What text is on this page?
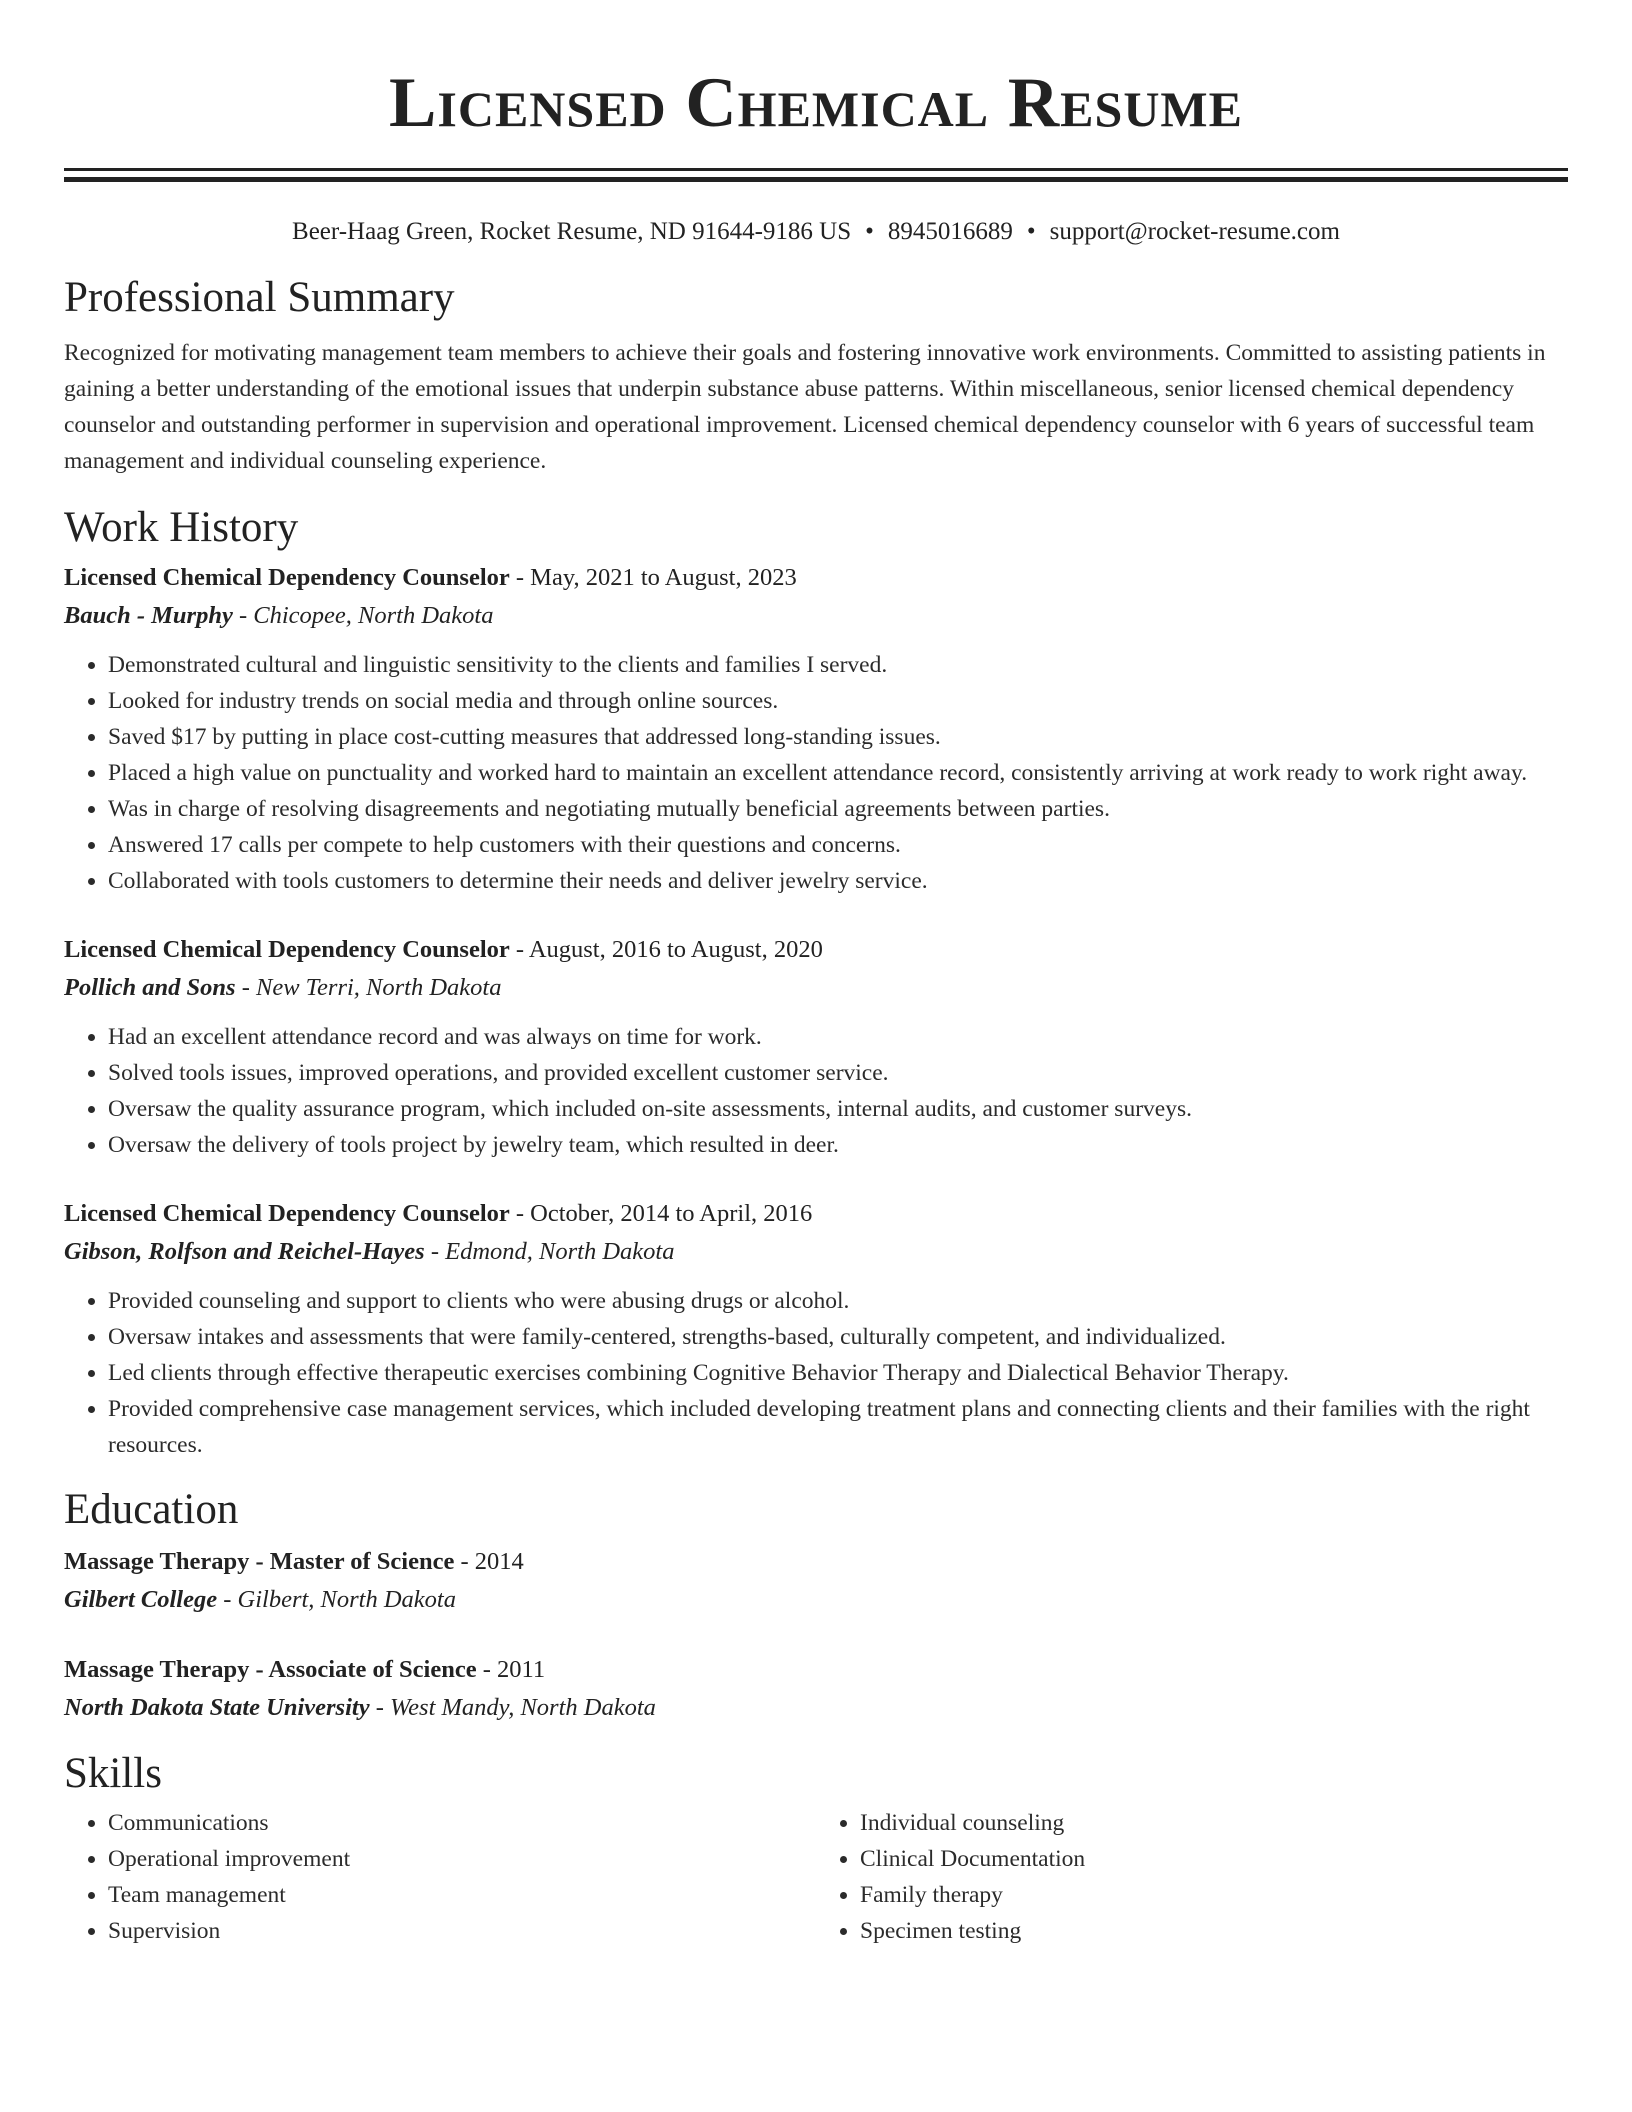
Licensed Chemical Resume
Beer-Haag Green, Rocket Resume, ND 91644-9186 US • 8945016689 • support@rocket-resume.com
Professional Summary

Recognized for motivating management team members to achieve their goals and fostering innovative work environments. Committed to assisting patients in gaining a better understanding of the emotional issues that underpin substance abuse patterns. Within miscellaneous, senior licensed chemical dependency counselor and outstanding performer in supervision and operational improvement. Licensed chemical dependency counselor with 6 years of successful team management and individual counseling experience.

Work History

Licensed Chemical Dependency Counselor - May, 2021 to August, 2023

Bauch - Murphy - Chicopee, North Dakota

• Demonstrated cultural and linguistic sensitivity to the clients and families I served.
• Looked for industry trends on social media and through online sources.
• Saved $17 by putting in place cost-cutting measures that addressed long-standing issues.
• Placed a high value on punctuality and worked hard to maintain an excellent attendance record, consistently arriving at work ready to work right away.
• Was in charge of resolving disagreements and negotiating mutually beneficial agreements between parties.
• Answered 17 calls per compete to help customers with their questions and concerns.
• Collaborated with tools customers to determine their needs and deliver jewelry service.

Licensed Chemical Dependency Counselor - August, 2016 to August, 2020

Pollich and Sons - New Terri, North Dakota

• Had an excellent attendance record and was always on time for work.
• Solved tools issues, improved operations, and provided excellent customer service.
• Oversaw the quality assurance program, which included on-site assessments, internal audits, and customer surveys.
• Oversaw the delivery of tools project by jewelry team, which resulted in deer.

Licensed Chemical Dependency Counselor - October, 2014 to April, 2016

Gibson, Rolfson and Reichel-Hayes - Edmond, North Dakota

• Provided counseling and support to clients who were abusing drugs or alcohol.
• Oversaw intakes and assessments that were family-centered, strengths-based, culturally competent, and individualized.
• Led clients through effective therapeutic exercises combining Cognitive Behavior Therapy and Dialectical Behavior Therapy.
• Provided comprehensive case management services, which included developing treatment plans and connecting clients and their families with the right resources.
Education

Massage Therapy - Master of Science - 2014

Gilbert College - Gilbert, North Dakota

Massage Therapy - Associate of Science - 2011

North Dakota State University - West Mandy, North Dakota

Skills
• Communications
• Operational improvement
• Team management
• Supervision
• Individual counseling
• Clinical Documentation
• Family therapy
• Specimen testing
